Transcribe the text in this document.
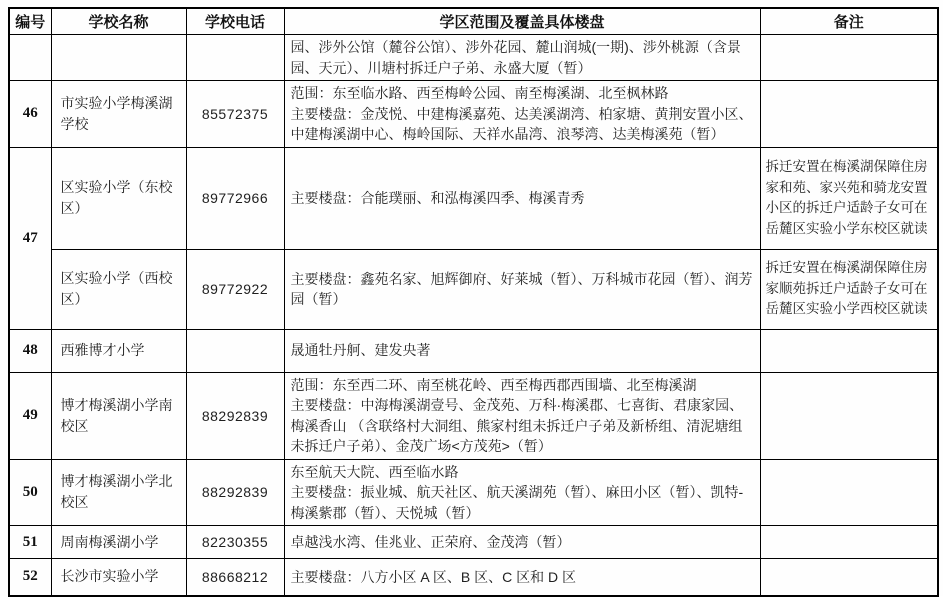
编号	学校名称	学校电话	学区范围及覆盖具体楼盘	备注

			园、涉外公馆（麓谷公馆）、涉外花园、麓山润城(一期)、涉外桃源（含景园、天元）、川塘村拆迁户子弟、永盛大厦（暂）	

46	市实验小学梅溪湖学校	85572375	范围：东至临水路、西至梅岭公园、南至梅溪湖、北至枫林路
主要楼盘：金茂悦、中建梅溪嘉苑、达美溪湖湾、柏家塘、黄荆安置小区、中建梅溪湖中心、梅岭国际、天祥水晶湾、浪琴湾、达美梅溪苑（暂）	

47	区实验小学（东校区）	89772966	主要楼盘：合能璞丽、和泓梅溪四季、梅溪青秀	拆迁安置在梅溪湖保障住房家和苑、家兴苑和骑龙安置小区的拆迁户适龄子女可在岳麓区实验小学东校区就读
	区实验小学（西校区）	89772922	主要楼盘：鑫苑名家、旭辉御府、好莱城（暂）、万科城市花园（暂）、润芳园（暂）	拆迁安置在梅溪湖保障住房家顺苑拆迁户适龄子女可在岳麓区实验小学西校区就读
48	西雅博才小学		晟通牡丹舸、建发央著	

49	博才梅溪湖小学南校区	88292839	范围：东至西二环、南至桃花岭、西至梅西郡西围墙、北至梅溪湖
主要楼盘：中海梅溪湖壹号、金茂苑、万科·梅溪郡、七喜街、君康家园、梅溪香山 （含联络村大洞组、熊家村组未拆迁户子弟及新桥组、清泥塘组未拆迁户子弟）、金茂广场<方茂苑>（暂）	

50	博才梅溪湖小学北校区	88292839	东至航天大院、西至临水路
主要楼盘：振业城、航天社区、航天溪湖苑（暂）、麻田小区（暂）、凯特-梅溪紫郡（暂）、天悦城（暂）	

51	周南梅溪湖小学	82230355	卓越浅水湾、佳兆业、正荣府、金茂湾（暂）	

52	长沙市实验小学	88668212	主要楼盘：八方小区 A 区、B 区、C 区和 D 区	
